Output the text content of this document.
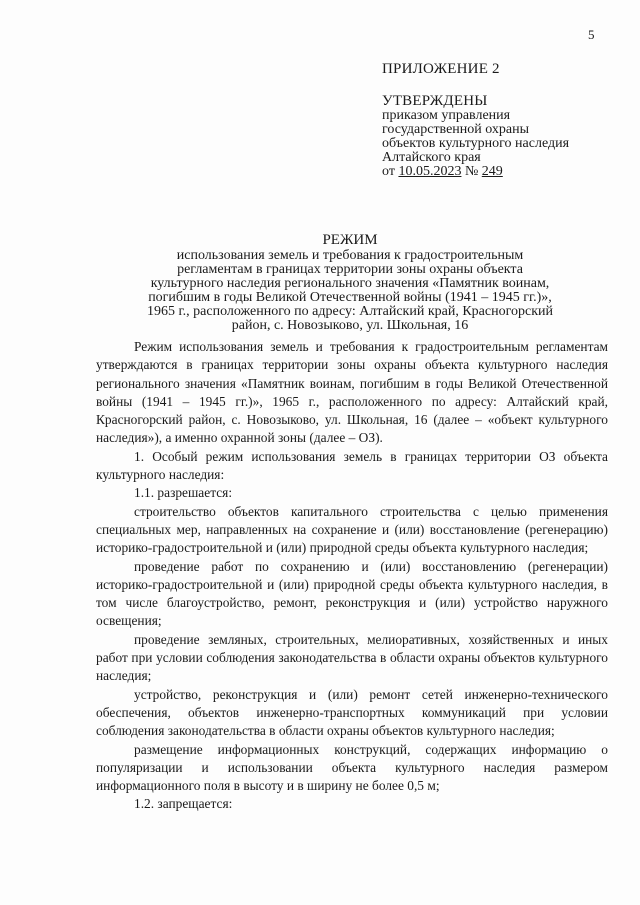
5
ПРИЛОЖЕНИЕ 2
УТВЕРЖДЕНЫ
приказом управления
государственной охраны
объектов культурного наследия
Алтайского края
от 10.05.2023 № 249
РЕЖИМ
использования земель и требования к градостроительным
регламентам в границах территории зоны охраны объекта
культурного наследия регионального значения «Памятник воинам,
погибшим в годы Великой Отечественной войны (1941 – 1945 гг.)»,
1965 г., расположенного по адресу: Алтайский край, Красногорский
район, с. Новозыково, ул. Школьная, 16

Режим использования земель и требования к градостроительным регламентам утверждаются в границах территории зоны охраны объекта культурного наследия регионального значения «Памятник воинам, погибшим в годы Великой Отечественной войны (1941 – 1945 гг.)», 1965 г., расположенного по адресу: Алтайский край, Красногорский район, с. Новозыково, ул. Школьная, 16 (далее – «объект культурного наследия»), а именно охранной зоны (далее – ОЗ).

1. Особый режим использования земель в границах территории ОЗ объекта культурного наследия:

1.1. разрешается:

строительство объектов капитального строительства с целью применения специальных мер, направленных на сохранение и (или) восстановление (регенерацию) историко-градостроительной и (или) природной среды объекта культурного наследия;

проведение работ по сохранению и (или) восстановлению (регенерации) историко-градостроительной и (или) природной среды объекта культурного наследия, в том числе благоустройство, ремонт, реконструкция и (или) устройство наружного освещения;

проведение земляных, строительных, мелиоративных, хозяйственных и иных работ при условии соблюдения законодательства в области охраны объектов культурного наследия;

устройство, реконструкция и (или) ремонт сетей инженерно-технического обеспечения, объектов инженерно-транспортных коммуникаций при условии соблюдения законодательства в области охраны объектов культурного наследия;

размещение информационных конструкций, содержащих информацию о популяризации и использовании объекта культурного наследия размером информационного поля в высоту и в ширину не более 0,5 м;

1.2. запрещается:
